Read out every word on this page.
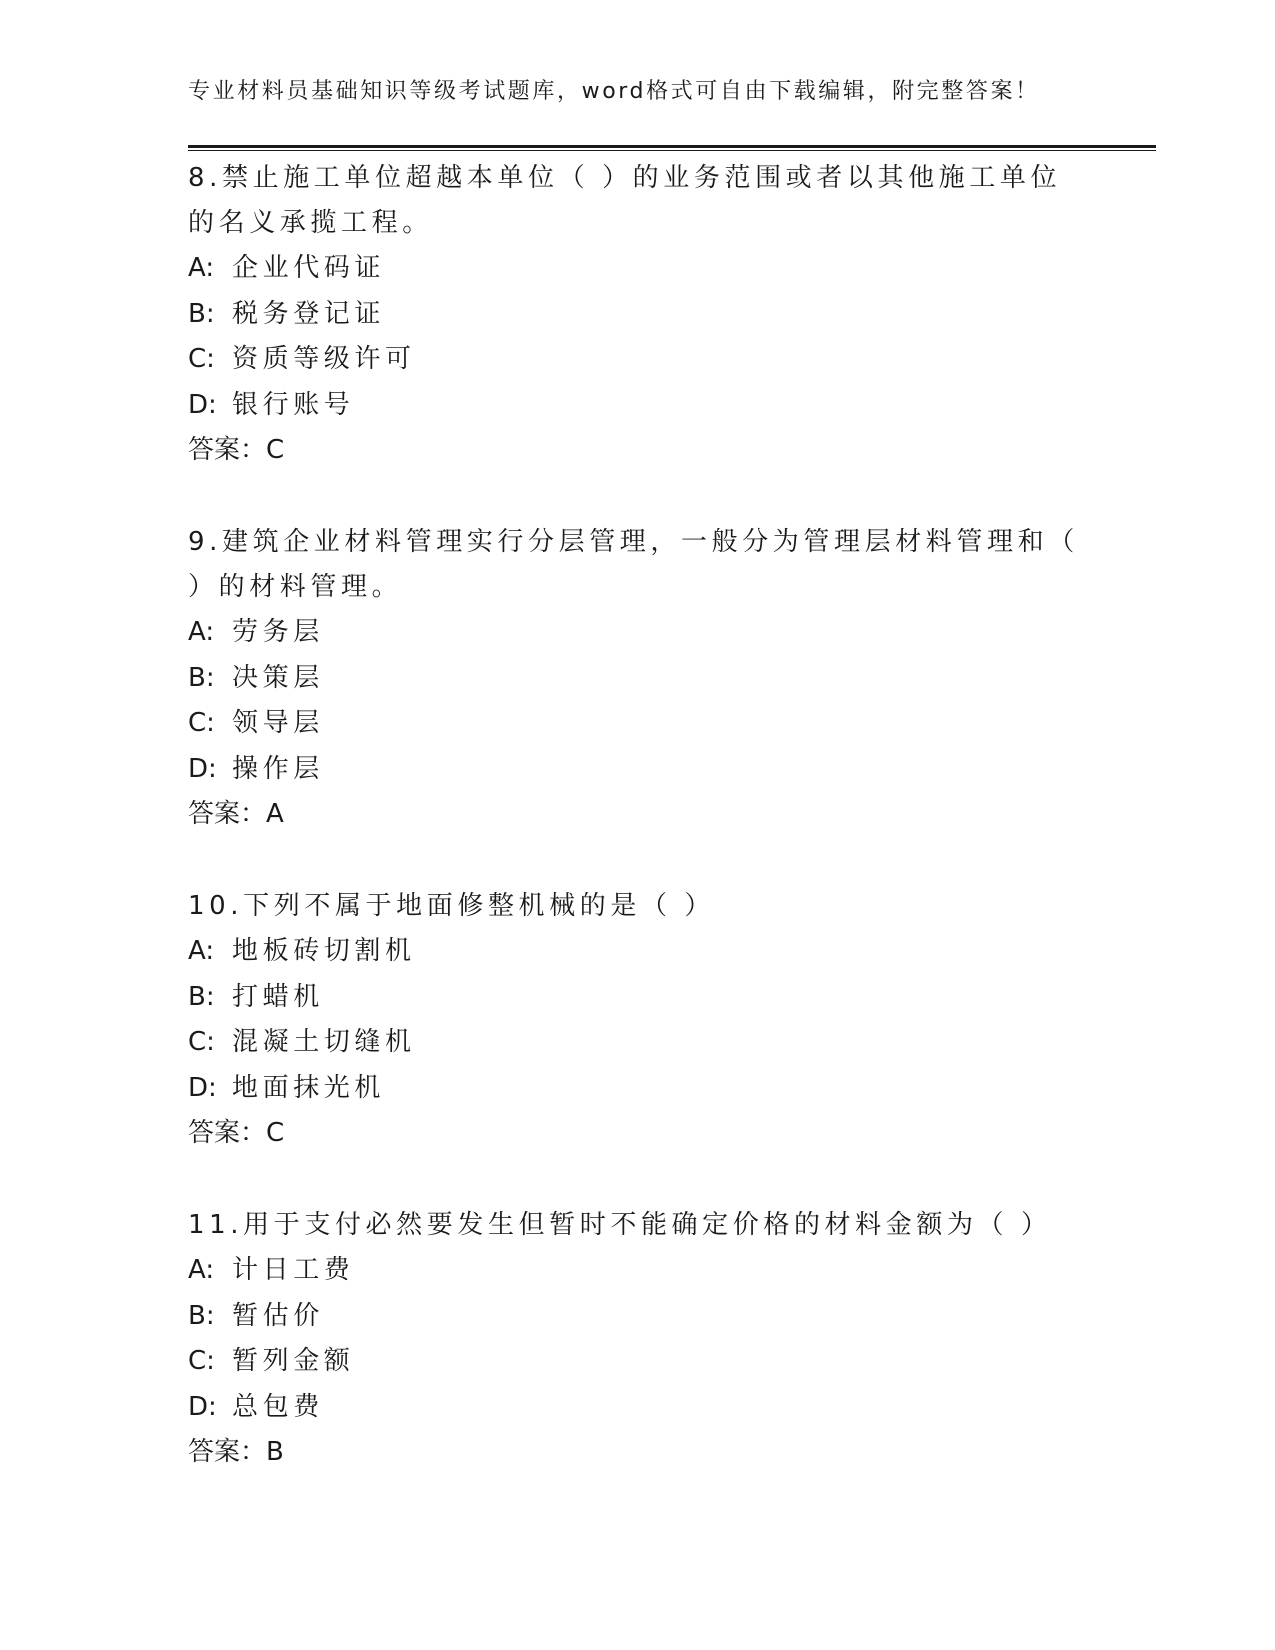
专业材料员基础知识等级考试题库，word格式可自由下载编辑，附完整答案！

8.禁止施工单位超越本单位（ ）的业务范围或者以其他施工单位的名义承揽工程。

A: 企业代码证

B: 税务登记证

C: 资质等级许可

D: 银行账号

答案：C

9.建筑企业材料管理实行分层管理，一般分为管理层材料管理和（ ）的材料管理。

A: 劳务层

B: 决策层

C: 领导层

D: 操作层

答案：A

10.下列不属于地面修整机械的是（ ）

A: 地板砖切割机

B: 打蜡机

C: 混凝土切缝机

D: 地面抹光机

答案：C

11.用于支付必然要发生但暂时不能确定价格的材料金额为（ ）

A: 计日工费

B: 暂估价

C: 暂列金额

D: 总包费

答案：B
